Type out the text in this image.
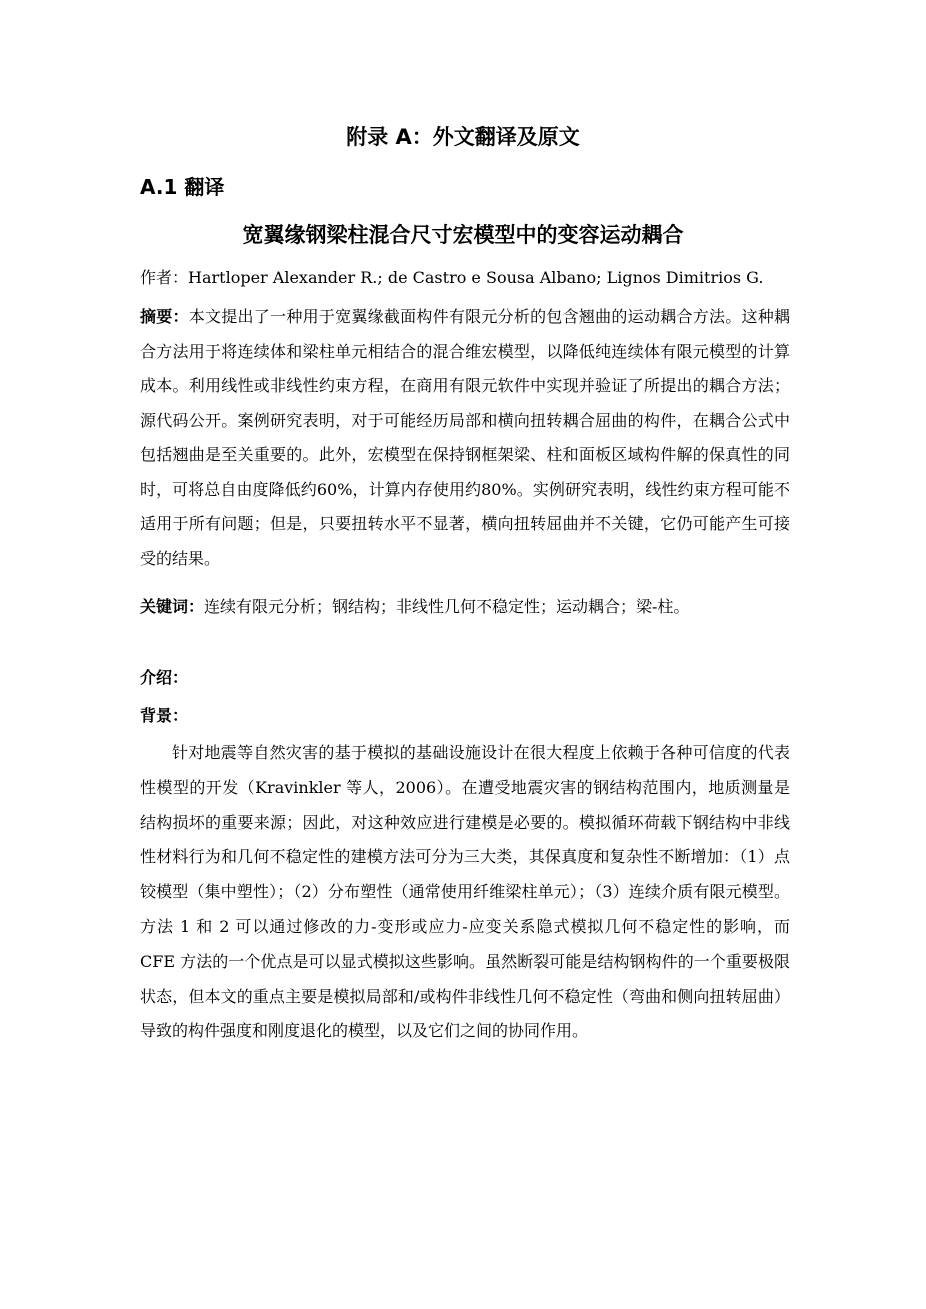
附录 A：外文翻译及原文
A.1 翻译
宽翼缘钢梁柱混合尺寸宏模型中的变容运动耦合
作者：Hartloper Alexander R.; de Castro e Sousa Albano; Lignos Dimitrios G.
摘要：本文提出了一种用于宽翼缘截面构件有限元分析的包含翘曲的运动耦合方法。这种耦合方法用于将连续体和梁柱单元相结合的混合维宏模型，以降低纯连续体有限元模型的计算成本。利用线性或非线性约束方程，在商用有限元软件中实现并验证了所提出的耦合方法；源代码公开。案例研究表明，对于可能经历局部和横向扭转耦合屈曲的构件，在耦合公式中包括翘曲是至关重要的。此外，宏模型在保持钢框架梁、柱和面板区域构件解的保真性的同时，可将总自由度降低约60%，计算内存使用约80%。实例研究表明，线性约束方程可能不适用于所有问题；但是，只要扭转水平不显著，横向扭转屈曲并不关键，它仍可能产生可接受的结果。
关键词：连续有限元分析；钢结构；非线性几何不稳定性；运动耦合；梁-柱。
介绍：
背景：

针对地震等自然灾害的基于模拟的基础设施设计在很大程度上依赖于各种可信度的代表性模型的开发（Kravinkler 等人，2006）。在遭受地震灾害的钢结构范围内，地质测量是结构损坏的重要来源；因此，对这种效应进行建模是必要的。模拟循环荷载下钢结构中非线性材料行为和几何不稳定性的建模方法可分为三大类，其保真度和复杂性不断增加：（1）点铰模型（集中塑性）；（2）分布塑性（通常使用纤维梁柱单元）；（3）连续介质有限元模型。方法 1 和 2 可以通过修改的力-变形或应力-应变关系隐式模拟几何不稳定性的影响，而 CFE 方法的一个优点是可以显式模拟这些影响。虽然断裂可能是结构钢构件的一个重要极限状态，但本文的重点主要是模拟局部和/或构件非线性几何不稳定性（弯曲和侧向扭转屈曲）导致的构件强度和刚度退化的模型，以及它们之间的协同作用。
